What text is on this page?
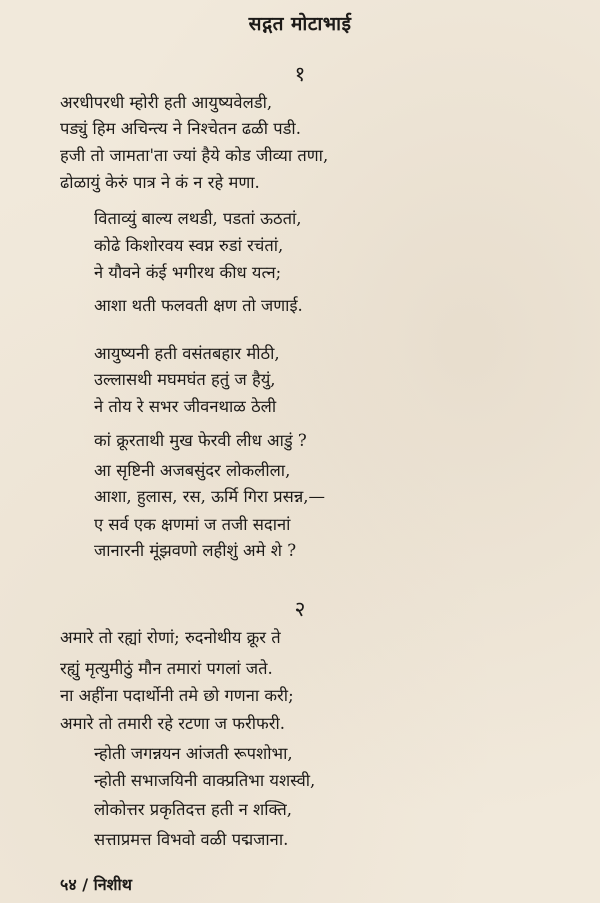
सद्गत मोटाभाई
१
अरधीपरधी म्होरी हती आयुष्यवेलडी,
पड्युं हिम अचिन्त्य ने निश्चेतन ढळी पडी.
हजी तो जामता'ता ज्यां हैये कोड जीव्या तणा,
ढोळायुं केरुं पात्र ने कं न रहे मणा.
विताव्युं बाल्य लथडी, पडतां ऊठतां,
कोढे किशोरवय स्वप्न रुडां रचंतां,
ने यौवने कंई भगीरथ कीध यत्न;
आशा थती फलवती क्षण तो जणाई.
आयुष्यनी हती वसंतबहार मीठी,
उल्लासथी मघमघंत हतुं ज हैयुं,
ने तोय रे सभर जीवनथाळ ठेली
कां क्रूरताथी मुख फेरवी लीध आडुं ?
आ सृष्टिनी अजबसुंदर लोकलीला,
आशा, हुलास, रस, ऊर्मि गिरा प्रसन्न,—
ए सर्व एक क्षणमां ज तजी सदानां
जानारनी मूंझवणो लहीशुं अमे शे ?
२
अमारे तो रह्यां रोणां; रुदनोथीय क्रूर ते
रह्युं मृत्युमीठुं मौन तमारां पगलां जते.
ना अहींना पदार्थोनी तमे छो गणना करी;
अमारे तो तमारी रहे रटणा ज फरीफरी.
न्होती जगन्नयन आंजती रूपशोभा,
न्होती सभाजयिनी वाक्प्रतिभा यशस्वी,
लोकोत्तर प्रकृतिदत्त हती न शक्ति,
सत्ताप्रमत्त विभवो वळी पद्मजाना.
५४ / निशीथ
